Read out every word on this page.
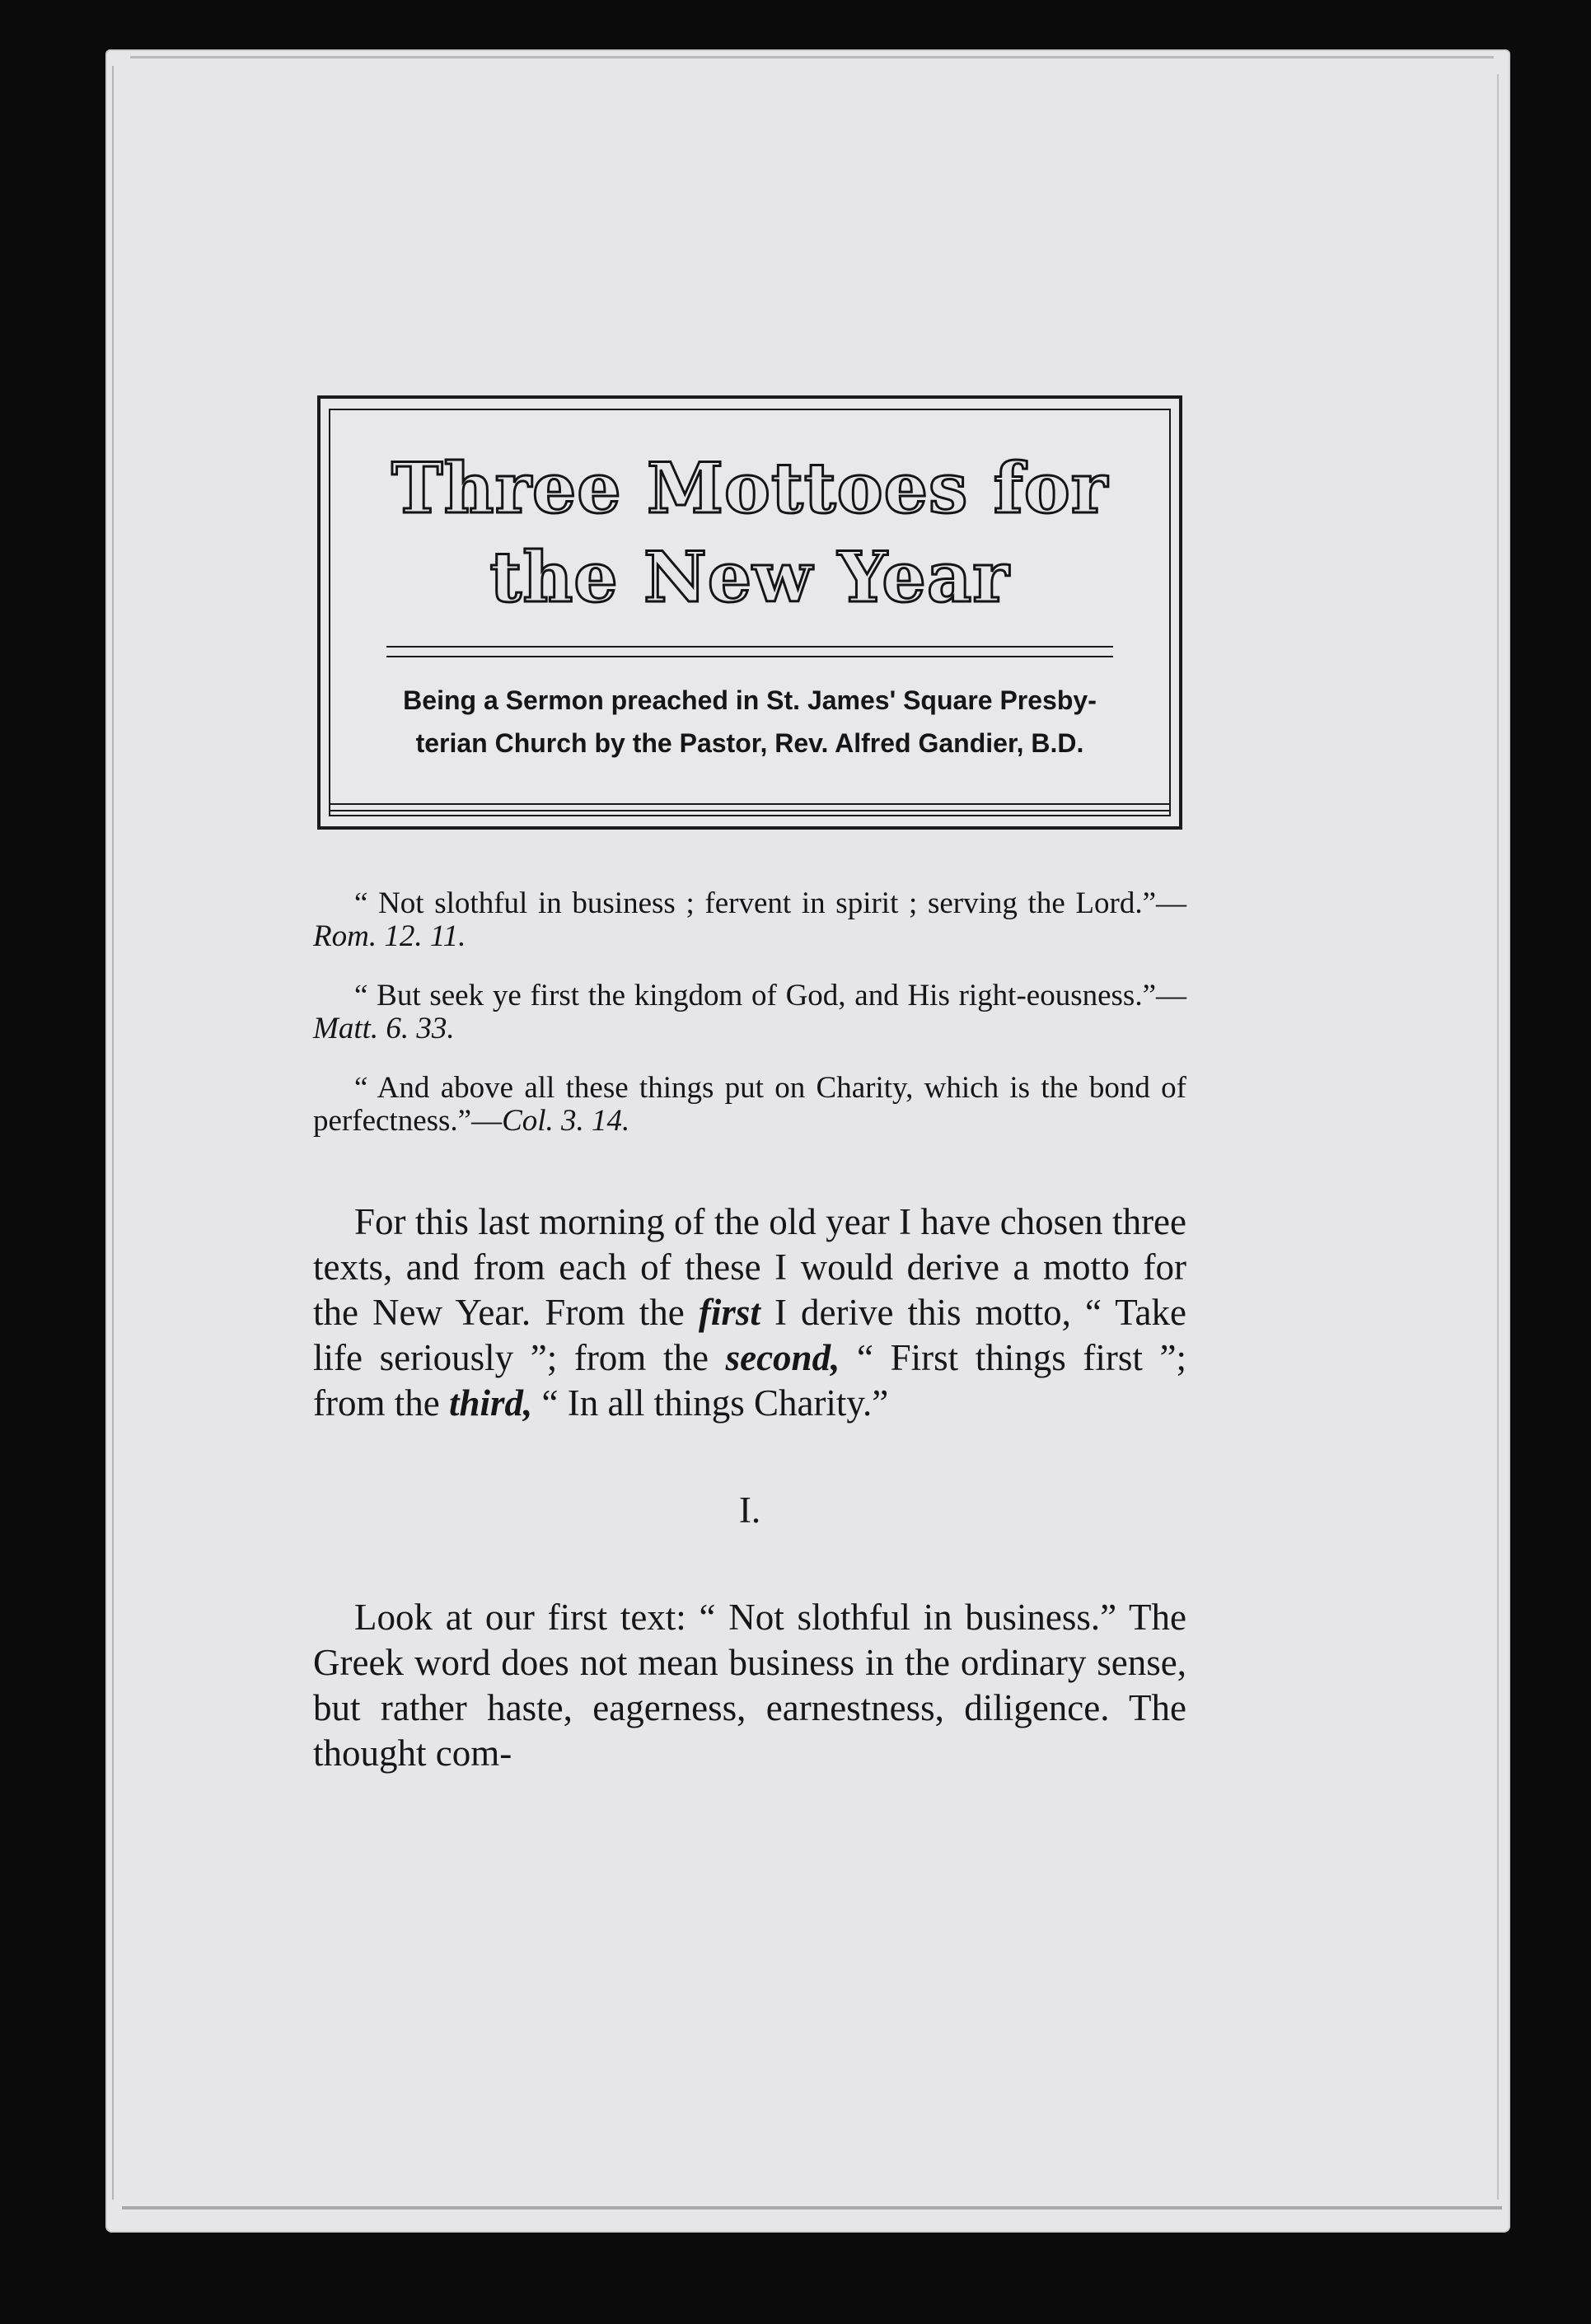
Three Mottoes for
the New Year
Being a Sermon preached in St. James' Square Presby-terian Church by the Pastor, Rev. Alfred Gandier, B.D.

“ Not slothful in business ; fervent in spirit ; serving the Lord.”—Rom. 12. 11.

“ But seek ye first the kingdom of God, and His right-eousness.”—Matt. 6. 33.

“ And above all these things put on Charity, which is the bond of perfectness.”—Col. 3. 14.

For this last morning of the old year I have chosen three texts, and from each of these I would derive a motto for the New Year. From the first I derive this motto, “ Take life seriously ”; from the second, “ First things first ”; from the third, “ In all things Charity.”

I.

Look at our first text: “ Not slothful in business.” The Greek word does not mean business in the ordinary sense, but rather haste, eagerness, earnestness, diligence. The thought com-
